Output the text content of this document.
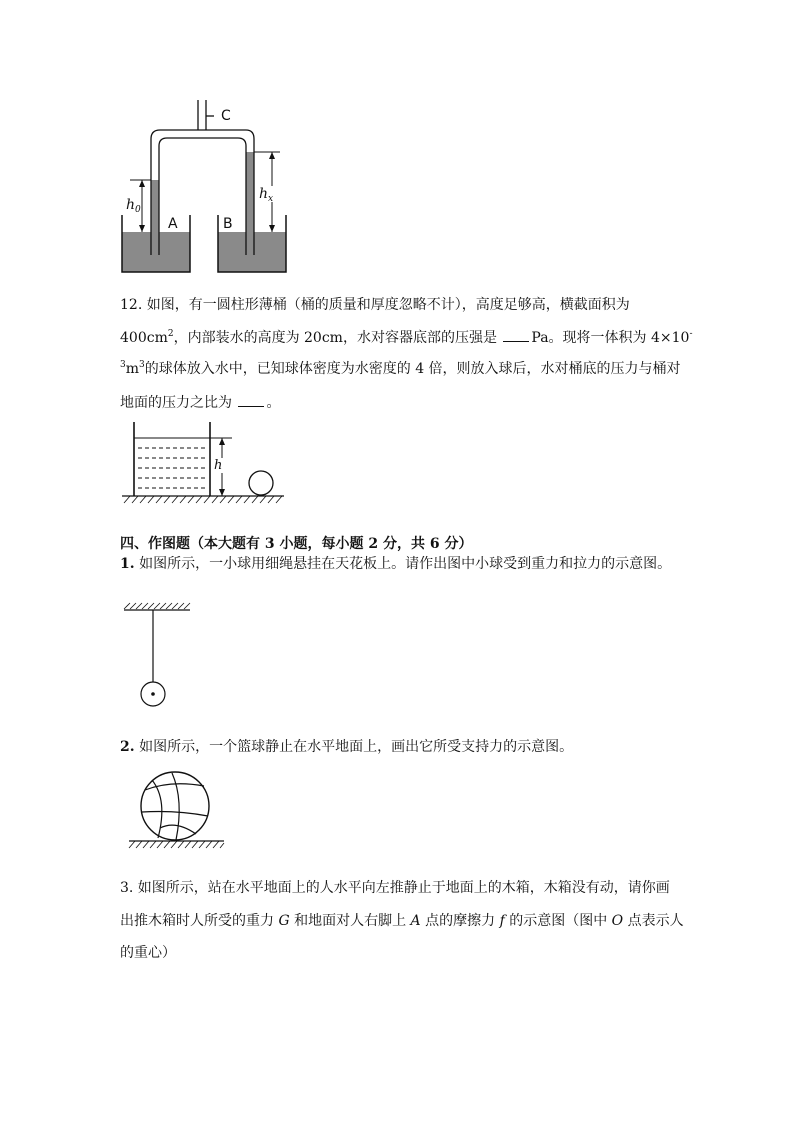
C
A	B
$h_0$
$h_x$
12. 如图，有一圆柱形薄桶（桶的质量和厚度忽略不计），高度足够高，横截面积为
$400cm^2$，内部装水的高度为 20cm，水对容器底部的压强是 Pa。现将一体积为 4×10‐
$^3m^3$的球体放入水中，已知球体密度为水密度的 4 倍，则放入球后，水对桶底的压力与桶对
地面的压力之比为 。
h
四、作图题（本大题有 3 小题，每小题 2 分，共 6 分）
1. 如图所示，一小球用细绳悬挂在天花板上。请作出图中小球受到重力和拉力的示意图。
2. 如图所示，一个篮球静止在水平地面上，画出它所受支持力的示意图。
3. 如图所示，站在水平地面上的人水平向左推静止于地面上的木箱，木箱没有动，请你画
出推木箱时人所受的重力 G 和地面对人右脚上 A 点的摩擦力 f 的示意图（图中 O 点表示人
的重心）
